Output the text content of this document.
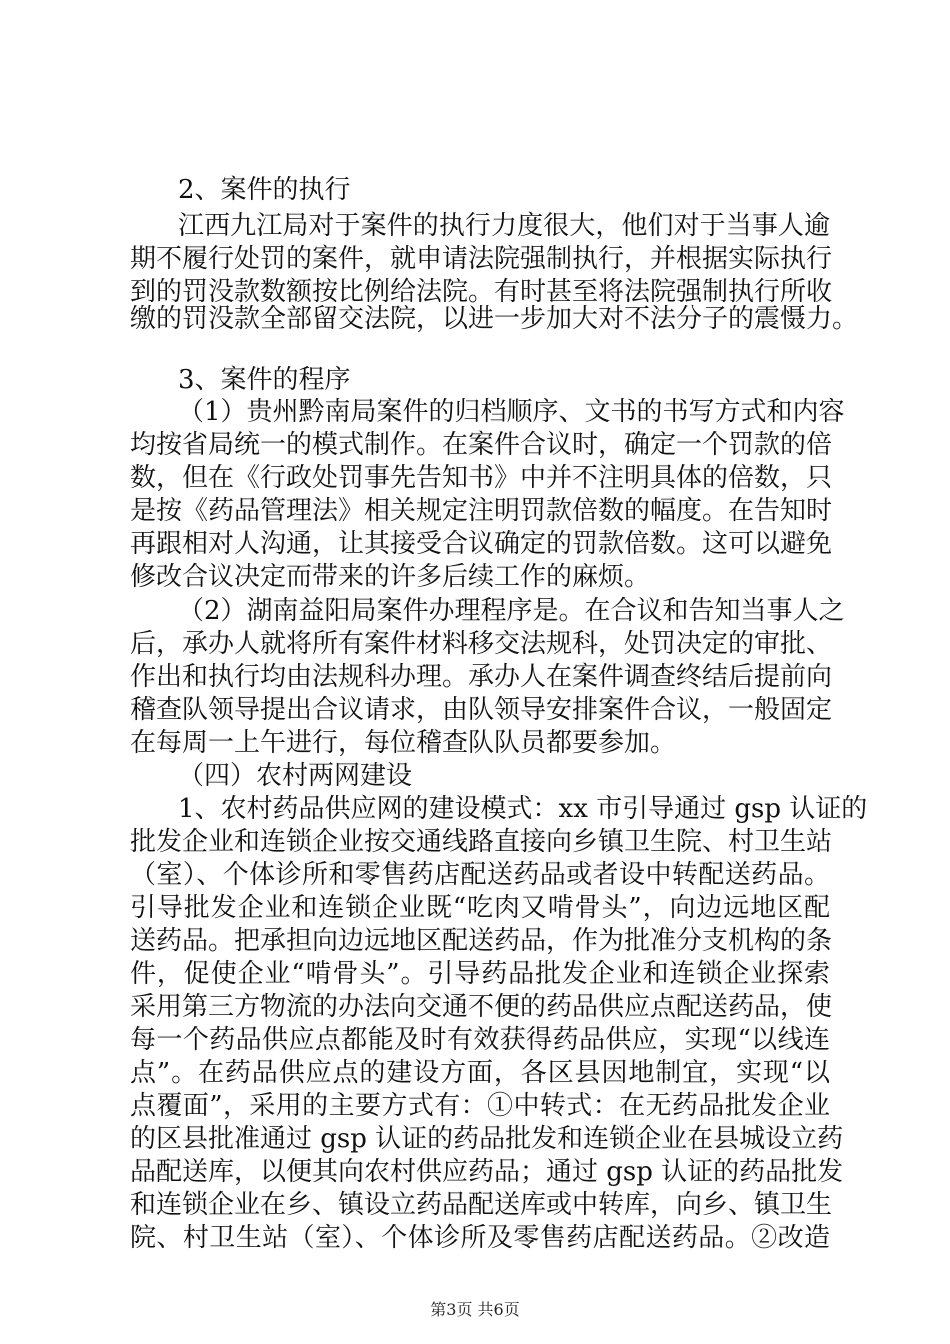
2、案件的执行
江西九江局对于案件的执行力度很大，他们对于当事人逾
期不履行处罚的案件，就申请法院强制执行，并根据实际执行
到的罚没款数额按比例给法院。有时甚至将法院强制执行所收
缴的罚没款全部留交法院，以进一步加大对不法分子的震慑力。
3、案件的程序
（1）贵州黔南局案件的归档顺序、文书的书写方式和内容
均按省局统一的模式制作。在案件合议时，确定一个罚款的倍
数，但在《行政处罚事先告知书》中并不注明具体的倍数，只
是按《药品管理法》相关规定注明罚款倍数的幅度。在告知时
再跟相对人沟通，让其接受合议确定的罚款倍数。这可以避免
修改合议决定而带来的许多后续工作的麻烦。
（2）湖南益阳局案件办理程序是。在合议和告知当事人之
后，承办人就将所有案件材料移交法规科，处罚决定的审批、
作出和执行均由法规科办理。承办人在案件调查终结后提前向
稽查队领导提出合议请求，由队领导安排案件合议，一般固定
在每周一上午进行，每位稽查队队员都要参加。
（四）农村两网建设
1、农村药品供应网的建设模式：xx 市引导通过 gsp 认证的
批发企业和连锁企业按交通线路直接向乡镇卫生院、村卫生站
（室）、个体诊所和零售药店配送药品或者设中转配送药品。
引导批发企业和连锁企业既“吃肉又啃骨头”，向边远地区配
送药品。把承担向边远地区配送药品，作为批准分支机构的条
件，促使企业“啃骨头”。引导药品批发企业和连锁企业探索
采用第三方物流的办法向交通不便的药品供应点配送药品，使
每一个药品供应点都能及时有效获得药品供应，实现“以线连
点”。在药品供应点的建设方面，各区县因地制宜，实现“以
点覆面”，采用的主要方式有：①中转式：在无药品批发企业
的区县批准通过 gsp 认证的药品批发和连锁企业在县城设立药
品配送库，以便其向农村供应药品；通过 gsp 认证的药品批发
和连锁企业在乡、镇设立药品配送库或中转库，向乡、镇卫生
院、村卫生站（室）、个体诊所及零售药店配送药品。②改造
第3页 共6页
